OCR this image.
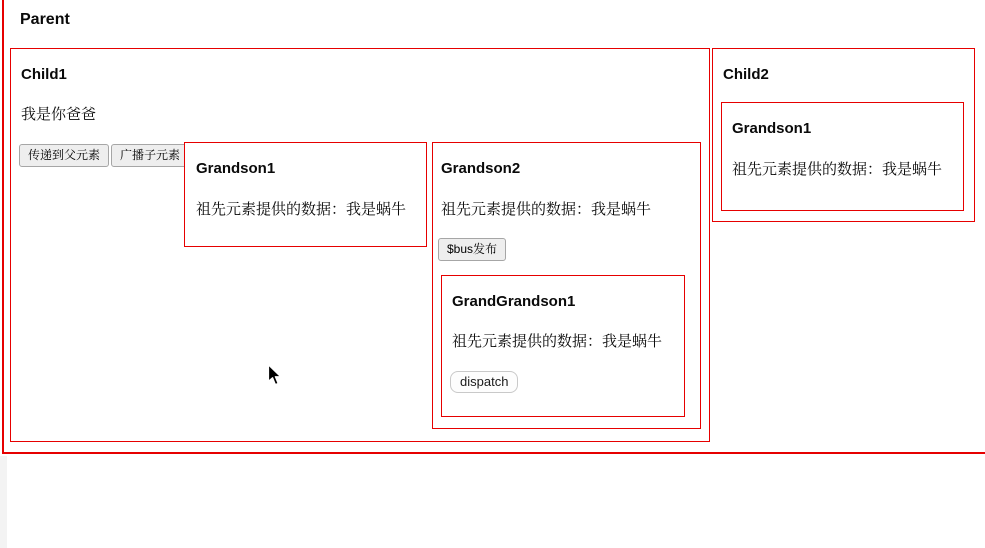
Parent
Child1
我是你爸爸
传递到父元素	广播子元素
Grandson1
祖先元素提供的数据：我是蜗牛
Grandson2
祖先元素提供的数据：我是蜗牛
$bus发布
GrandGrandson1
祖先元素提供的数据：我是蜗牛
dispatch
Child2
Grandson1
祖先元素提供的数据：我是蜗牛
